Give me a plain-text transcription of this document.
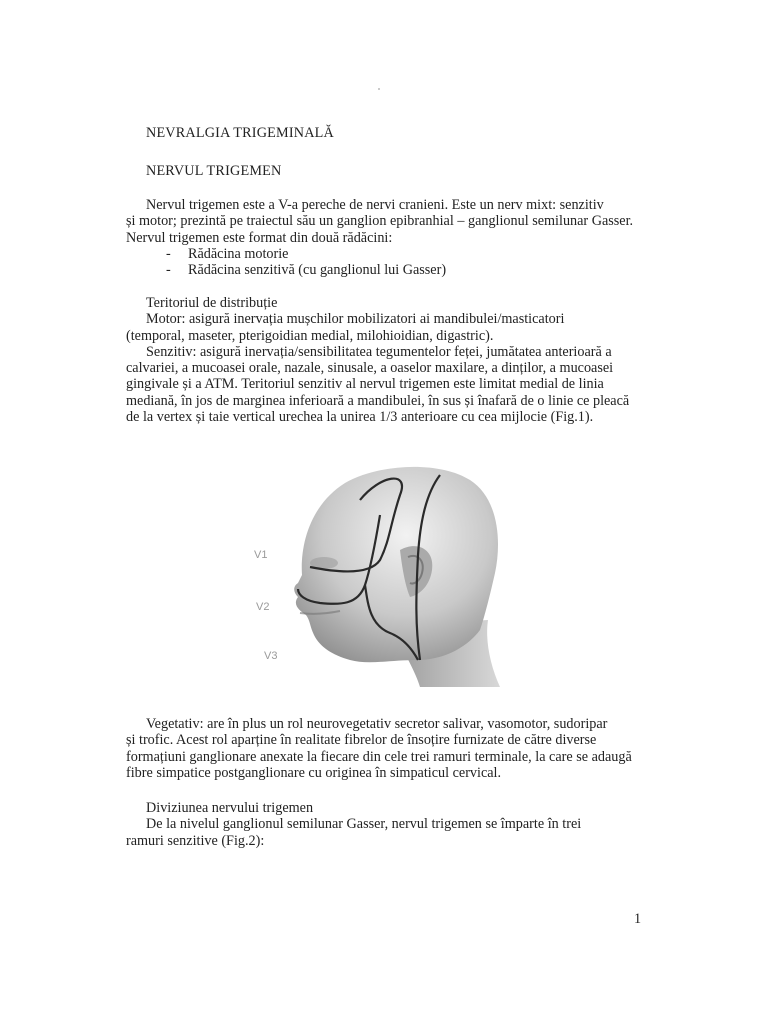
NEVRALGIA TRIGEMINALĂ
NERVUL TRIGEMEN

Nervul trigemen este a V-a pereche de nervi cranieni. Este un nerv mixt: senzitiv

și motor; prezintă pe traiectul său un ganglion epibranhial – ganglionul semilunar Gasser.

Nervul trigemen este format din două rădăcini:

-	Rădăcina motorie
-	Rădăcina senzitivă (cu ganglionul lui Gasser)

Teritoriul de distribuție

Motor: asigură inervația mușchilor mobilizatori ai mandibulei/masticatori

(temporal, maseter, pterigoidian medial, milohioidian, digastric).

Senzitiv: asigură inervația/sensibilitatea tegumentelor feței, jumătatea anterioară a

calvariei, a mucoasei orale, nazale, sinusale, a oaselor maxilare, a dinților, a mucoasei

gingivale și a ATM. Teritoriul senzitiv al nervul trigemen este limitat medial de linia

mediană, în jos de marginea inferioară a mandibulei, în sus și înafară de o linie ce pleacă

de la vertex și taie vertical urechea la unirea 1/3 anterioare cu cea mijlocie (Fig.1).

V1
V2
V3

Vegetativ: are în plus un rol neurovegetativ secretor salivar, vasomotor, sudoripar

și trofic. Acest rol aparține în realitate fibrelor de însoțire furnizate de către diverse

formațiuni ganglionare anexate la fiecare din cele trei ramuri terminale, la care se adaugă

fibre simpatice postganglionare cu originea în simpaticul cervical.

Diviziunea nervului trigemen

De la nivelul ganglionul semilunar Gasser, nervul trigemen se împarte în trei

ramuri senzitive (Fig.2):

1
